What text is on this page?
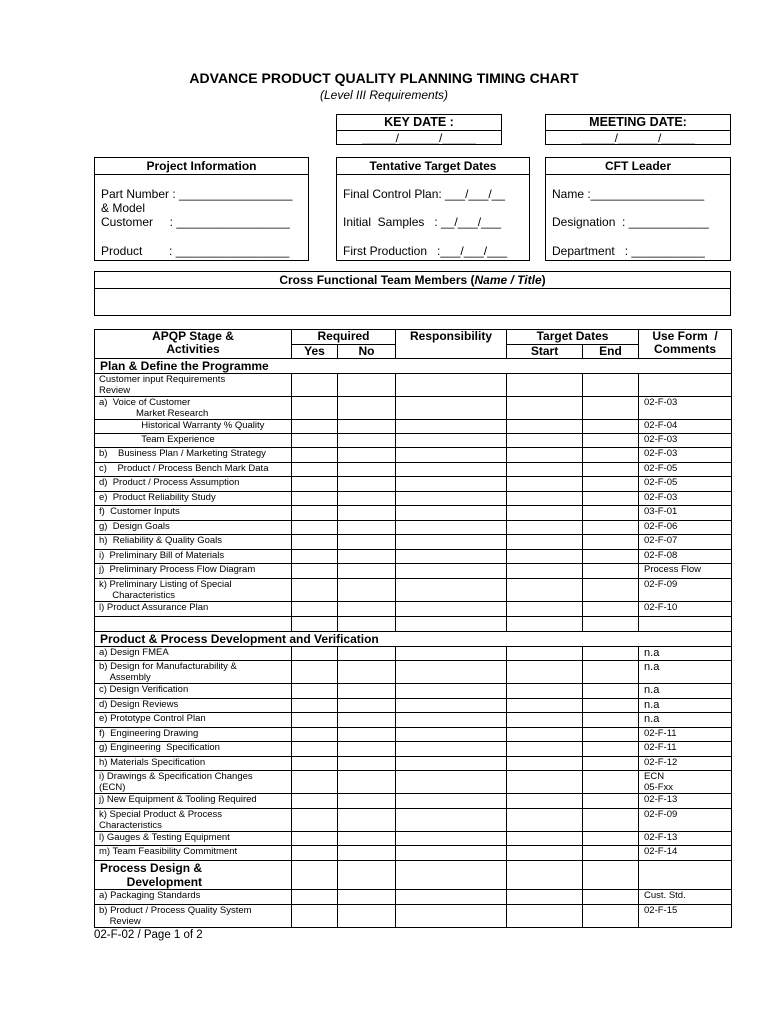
ADVANCE PRODUCT QUALITY PLANNING TIMING CHART
(Level III Requirements)
KEY DATE :
_____/______/_____
MEETING DATE:
_____/______/_____
Project Information
Part Number : _________________
& Model
Customer     : _________________
Product        : _________________
Tentative Target Dates
Final Control Plan: ___/___/__
Initial  Samples   : __/___/___
First Production   :___/___/___
CFT Leader
Name :_________________
Designation  : ____________
Department   : ___________
Cross Functional Team Members (Name / Title)
APQP Stage &
Activities	Required		Responsibility	Target Dates		Use Form  /
Comments
	Yes	No		Start	End	
Plan & Define the Programme						
Customer input Requirements
Review						
a)  Voice of Customer
Market Research						02-F-03
Historical Warranty % Quality						02-F-04
Team Experience						02-F-03
b)    Business Plan / Marketing Strategy						02-F-03
c)    Product / Process Bench Mark Data						02-F-05
d)  Product / Process Assumption						02-F-05
e)  Product Reliability Study						02-F-03
f)  Customer Inputs						03-F-01
g)  Design Goals						02-F-06
h)  Reliability & Quality Goals						02-F-07
i)  Preliminary Bill of Materials						02-F-08
j)  Preliminary Process Flow Diagram						Process Flow
k) Preliminary Listing of Special
Characteristics						02-F-09
l) Product Assurance Plan						02-F-10

Product & Process Development and Verification						
a) Design FMEA						n.a
b) Design for Manufacturability &
Assembly						n.a
c) Design Verification						n.a
d) Design Reviews						n.a
e) Prototype Control Plan						n.a
f)  Engineering Drawing						02-F-11
g) Engineering  Specification						02-F-11
h) Materials Specification						02-F-12
i) Drawings & Specification Changes
(ECN)						ECN
05-Fxx
j) New Equipment & Tooling Required						02-F-13
k) Special Product & Process
Characteristics						02-F-09
l) Gauges & Testing Equipment						02-F-13
m) Team Feasibility Commitment						02-F-14
Process Design &
Development						
a) Packaging Standards						Cust. Std.
b) Product / Process Quality System
Review						02-F-15
02-F-02 / Page 1 of 2
